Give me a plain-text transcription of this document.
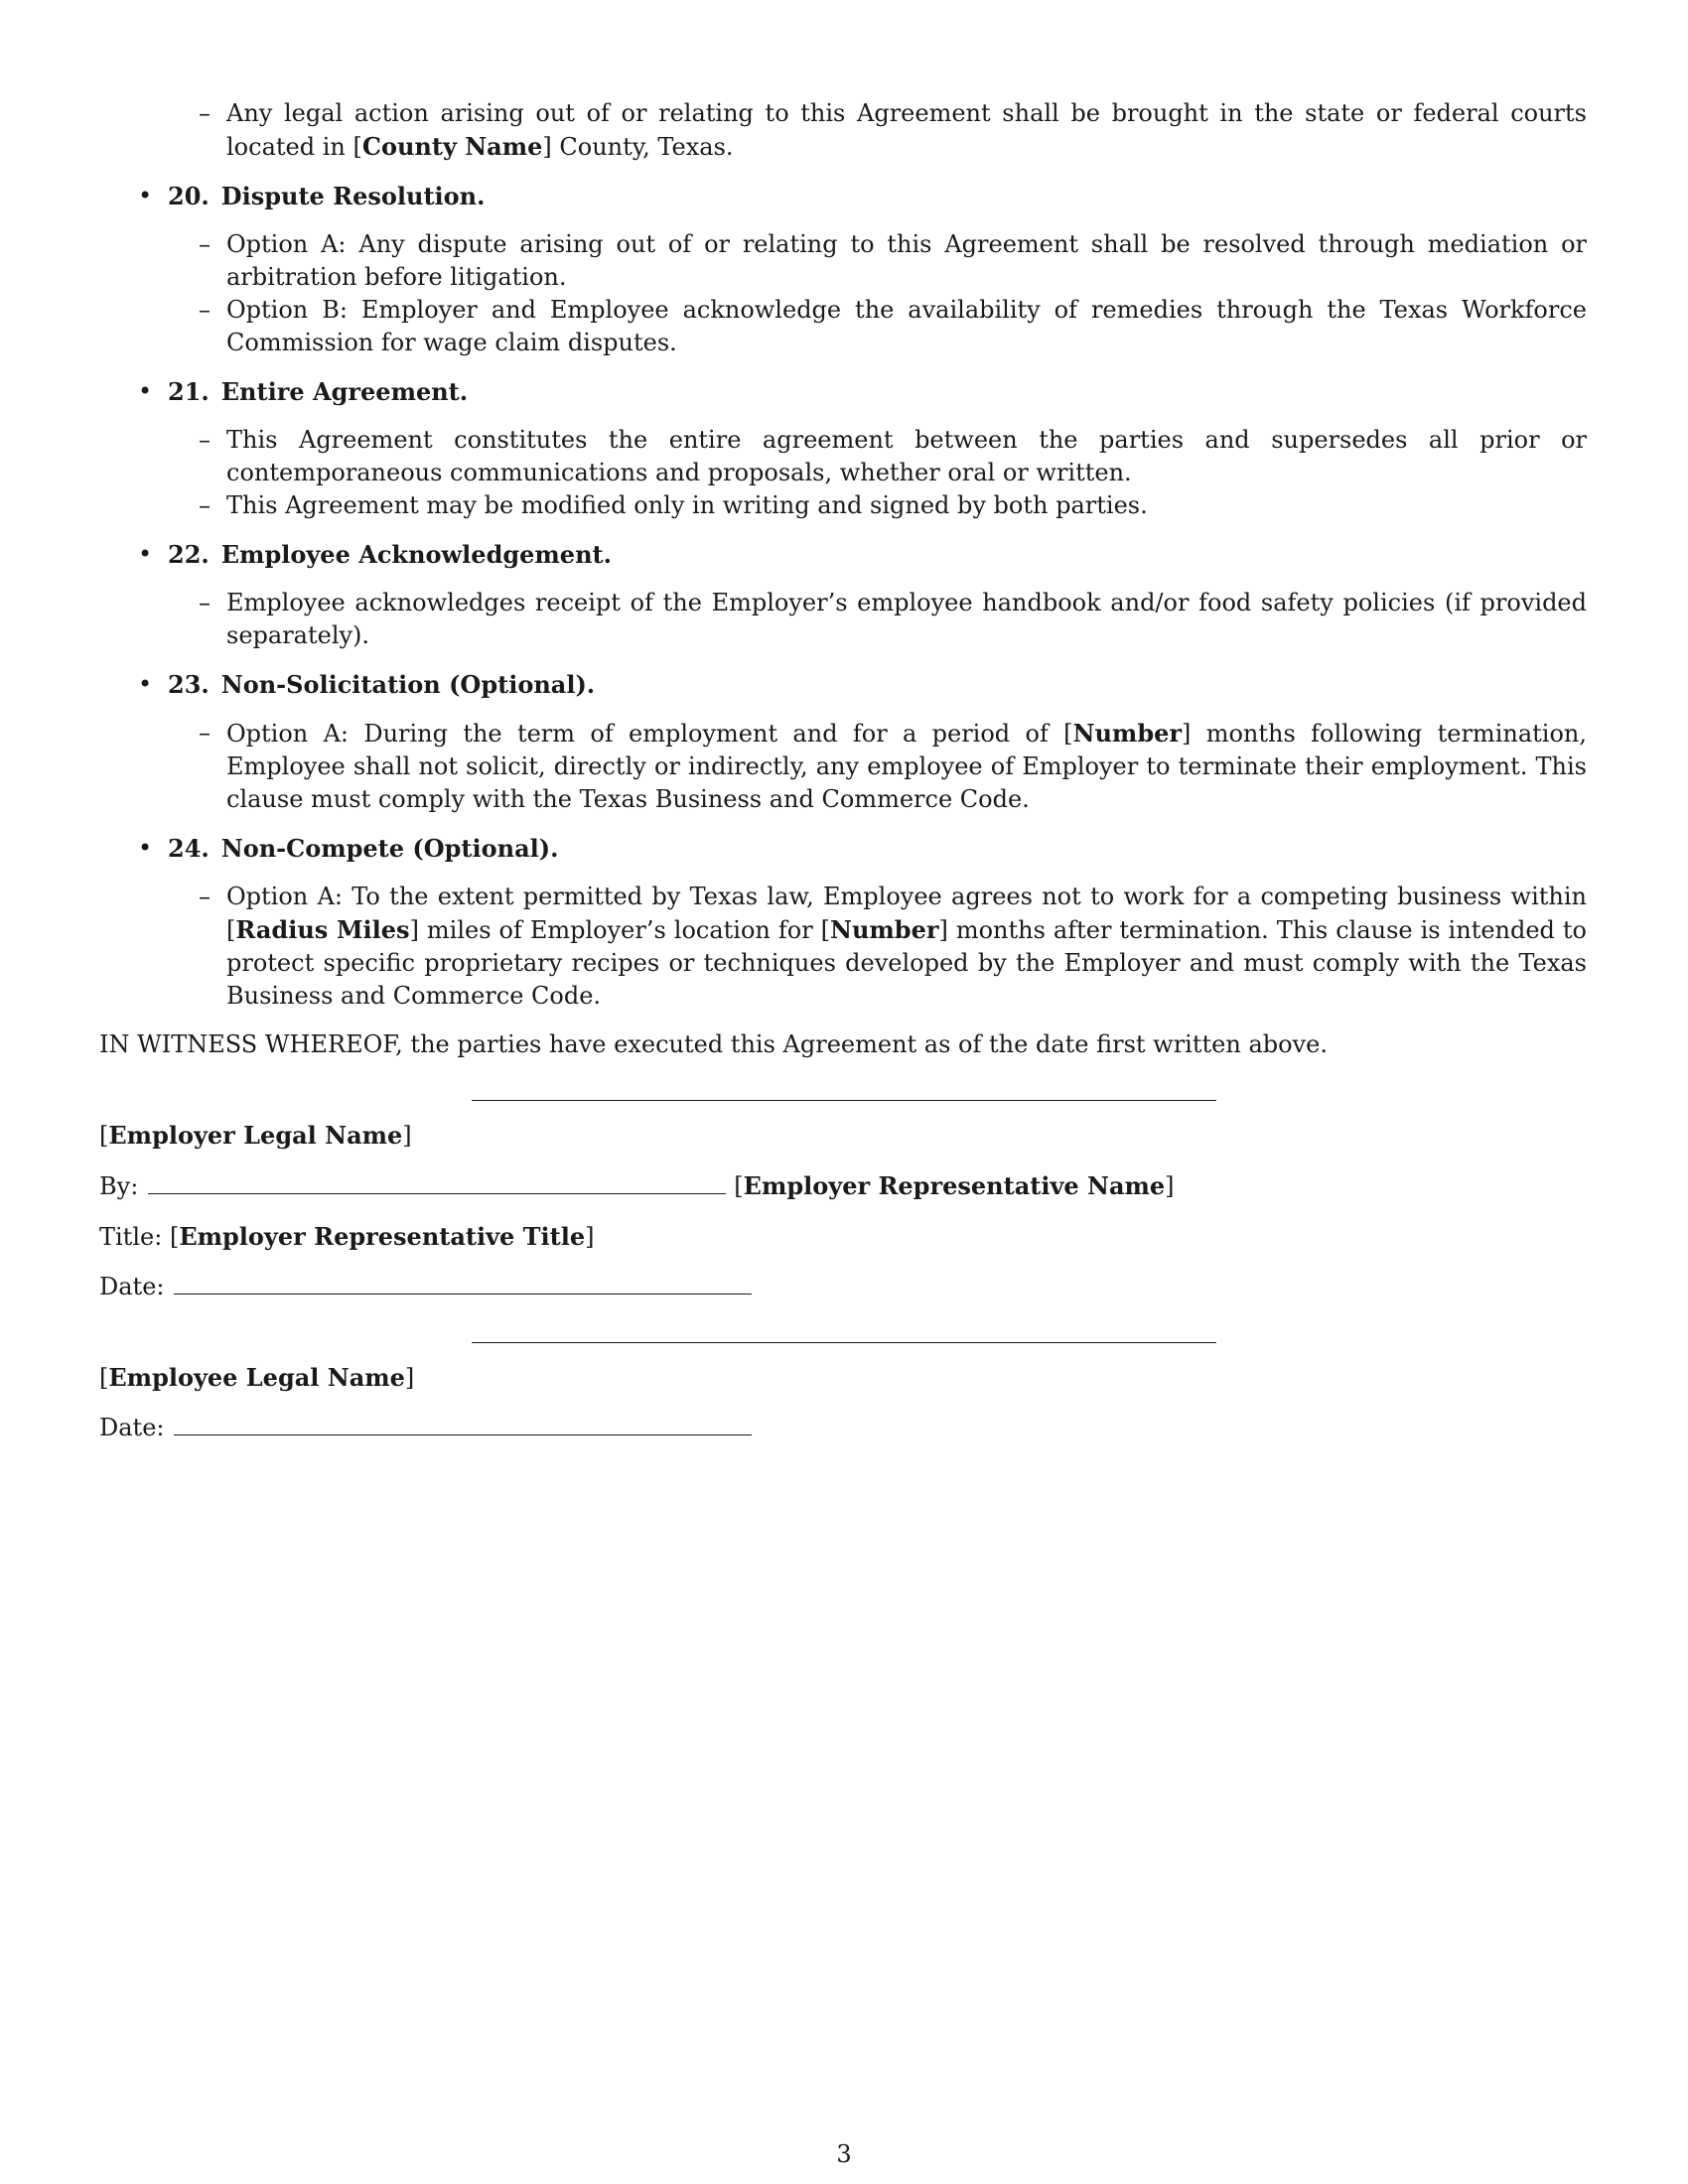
– Any legal action arising out of or relating to this Agreement shall be brought in the state or federal courts located in [County Name] County, Texas.
• 20. Dispute Resolution.
– Option A: Any dispute arising out of or relating to this Agreement shall be resolved through mediation or arbitration before litigation.
– Option B: Employer and Employee acknowledge the availability of remedies through the Texas Workforce Commission for wage claim disputes.
• 21. Entire Agreement.
– This Agreement constitutes the entire agreement between the parties and supersedes all prior or contemporaneous communications and proposals, whether oral or written.
– This Agreement may be modified only in writing and signed by both parties.
• 22. Employee Acknowledgement.
– Employee acknowledges receipt of the Employer’s employee handbook and/or food safety policies (if provided separately).
• 23. Non-Solicitation (Optional).
– Option A: During the term of employment and for a period of [Number] months following termination, Employee shall not solicit, directly or indirectly, any employee of Employer to terminate their employment. This clause must comply with the Texas Business and Commerce Code.
• 24. Non-Compete (Optional).
– Option A: To the extent permitted by Texas law, Employee agrees not to work for a competing business within [Radius Miles] miles of Employer’s location for [Number] months after termination. This clause is intended to protect specific proprietary recipes or techniques developed by the Employer and must comply with the Texas Business and Commerce Code.
IN WITNESS WHEREOF, the parties have executed this Agreement as of the date first written above.
[Employer Legal Name]
By:	[Employer Representative Name]
Title: [Employer Representative Title]
Date:
[Employee Legal Name]
Date:
3
